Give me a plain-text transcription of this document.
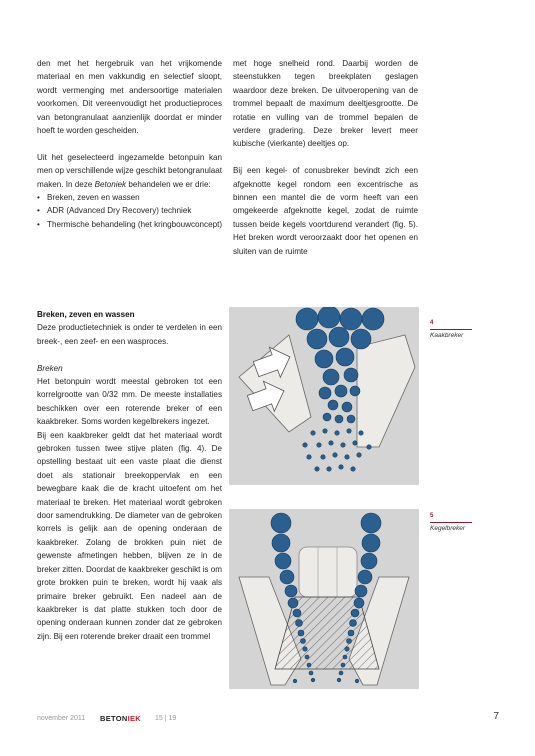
den met het hergebruik van het vrijkomende materiaal en men vakkundig en selectief sloopt, wordt vermenging met andersoortige materialen voorkomen. Dit vereenvoudigt het productieproces van betongranulaat aanzienlijk doordat er minder hoeft te worden gescheiden.

Uit het geselecteerd ingezamelde betonpuin kan men op verschillende wijze geschikt betongranulaat maken. In deze Betoniek behandelen we er drie:

• Breken, zeven en wassen
• ADR (Advanced Dry Recovery) techniek
• Thermische behandeling (het kringbouwconcept)

met hoge snelheid rond. Daarbij worden de steenstukken tegen breekplaten geslagen waardoor deze breken. De uitvoeropening van de trommel bepaalt de maximum deeltjesgrootte. De rotatie en vulling van de trommel bepalen de verdere gradering. Deze breker levert meer kubische (vierkante) deeltjes op.

Bij een kegel- of conusbreker bevindt zich een afgeknotte kegel rondom een excentrische as binnen een mantel die de vorm heeft van een omgekeerde afgeknotte kegel, zodat de ruimte tussen beide kegels voortdurend verandert (fig. 5). Het breken wordt veroorzaakt door het openen en sluiten van de ruimte

Breken, zeven en wassen

Deze productietechniek is onder te verdelen in een breek-, een zeef- en een wasproces.

Breken

Het betonpuin wordt meestal gebroken tot een korrelgrootte van 0/32 mm. De meeste installaties beschikken over een roterende breker of een kaakbreker. Soms worden kegelbrekers ingezet.

Bij een kaakbreker geldt dat het materiaal wordt gebroken tussen twee stijve platen (fig. 4). De opstelling bestaat uit een vaste plaat die dienst doet als stationair breekoppervlak en een bewegbare kaak die de kracht uitoefent om het materiaal te breken. Het materiaal wordt gebroken door samendrukking. De diameter van de gebroken korrels is gelijk aan de opening onderaan de kaakbreker. Zolang de brokken puin niet de gewenste afmetingen hebben, blijven ze in de breker zitten. Doordat de kaakbreker geschikt is om grote brokken puin te breken, wordt hij vaak als primaire breker gebruikt. Een nadeel aan de kaakbreker is dat platte stukken toch door de opening onderaan kunnen zonder dat ze gebroken zijn. Bij een roterende breker draait een trommel

4
Kaakbreker
5
Kegelbreker
november 2011 BETONIEK 15 | 19	7
